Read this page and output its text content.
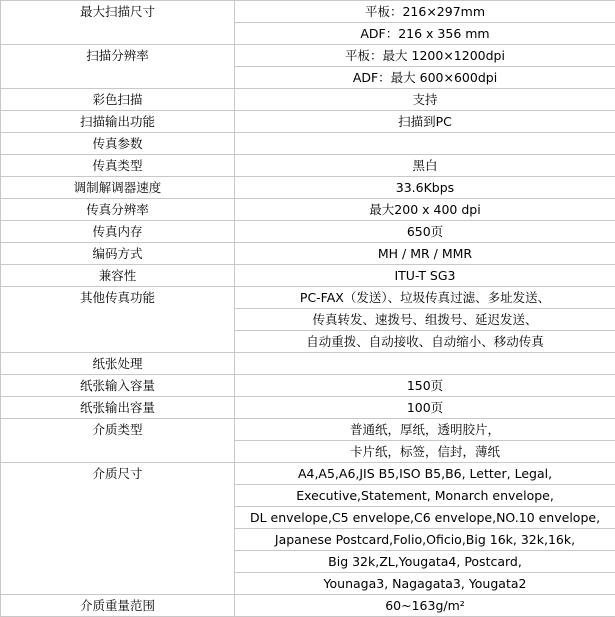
最大扫描尺寸	平板：216×297mm
	ADF：216 x 356 mm
扫描分辨率	平板：最大 1200×1200dpi
	ADF：最大 600×600dpi
彩色扫描	支持
扫描输出功能	扫描到PC
传真参数	
传真类型	黑白
调制解调器速度	33.6Kbps
传真分辨率	最大200 x 400 dpi
传真内存	650页
编码方式	MH / MR / MMR
兼容性	ITU-T SG3
其他传真功能	PC-FAX（发送）、垃圾传真过滤、多址发送、
	传真转发、速拨号、组拨号、延迟发送、
	自动重拨、自动接收、自动缩小、移动传真
纸张处理	
纸张输入容量	150页
纸张输出容量	100页
介质类型	普通纸，厚纸，透明胶片，
	卡片纸，标签，信封，薄纸
介质尺寸	A4,A5,A6,JIS B5,ISO B5,B6, Letter, Legal,
	Executive,Statement, Monarch envelope,
	DL envelope,C5 envelope,C6 envelope,NO.10 envelope,
	Japanese Postcard,Folio,Oficio,Big 16k, 32k,16k,
	Big 32k,ZL,Yougata4, Postcard,
	Younaga3, Nagagata3, Yougata2
介质重量范围	60~163g/m²
